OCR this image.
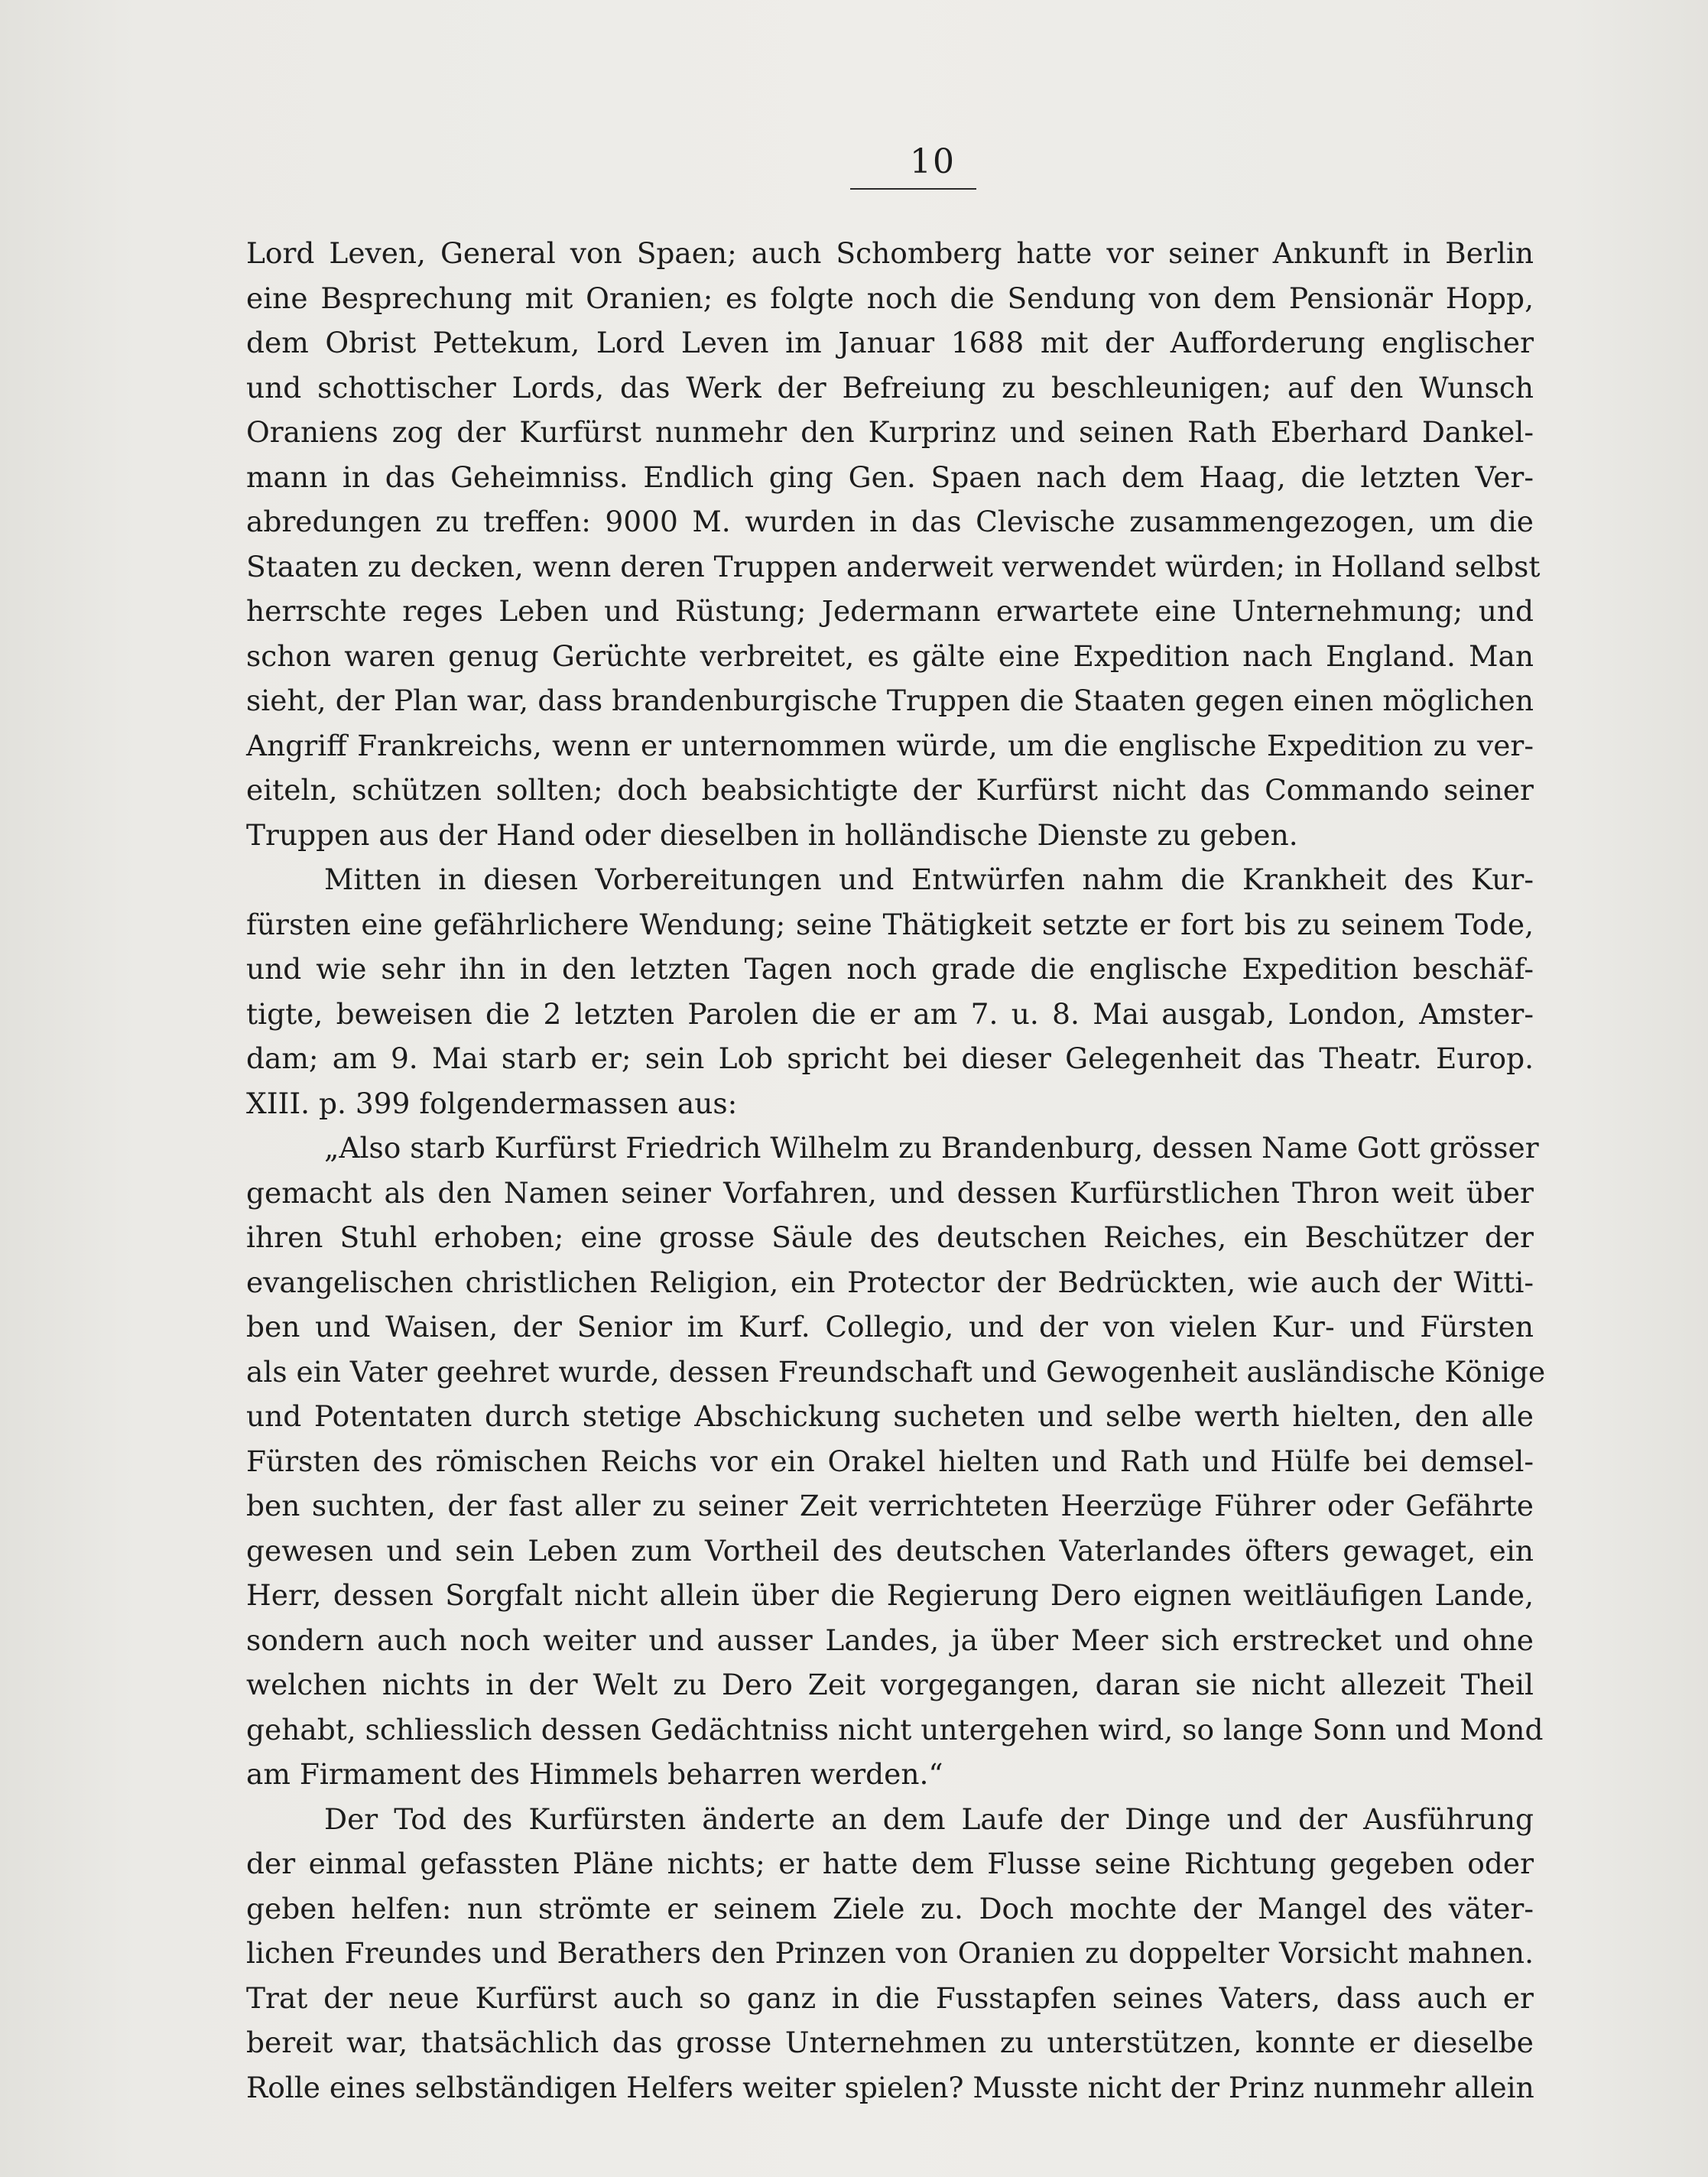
10
Lord Leven, General von Spaen; auch Schomberg hatte vor seiner Ankunft in Berlin
eine Besprechung mit Oranien; es folgte noch die Sendung von dem Pensionär Hopp,
dem Obrist Pettekum, Lord Leven im Januar 1688 mit der Aufforderung englischer
und schottischer Lords, das Werk der Befreiung zu beschleunigen; auf den Wunsch
Oraniens zog der Kurfürst nunmehr den Kurprinz und seinen Rath Eberhard Dankel-
mann in das Geheimniss. Endlich ging Gen. Spaen nach dem Haag, die letzten Ver-
abredungen zu treffen: 9000 M. wurden in das Clevische zusammengezogen, um die
Staaten zu decken, wenn deren Truppen anderweit verwendet würden; in Holland selbst
herrschte reges Leben und Rüstung; Jedermann erwartete eine Unternehmung; und
schon waren genug Gerüchte verbreitet, es gälte eine Expedition nach England. Man
sieht, der Plan war, dass brandenburgische Truppen die Staaten gegen einen möglichen
Angriff Frankreichs, wenn er unternommen würde, um die englische Expedition zu ver-
eiteln, schützen sollten; doch beabsichtigte der Kurfürst nicht das Commando seiner
Truppen aus der Hand oder dieselben in holländische Dienste zu geben.
Mitten in diesen Vorbereitungen und Entwürfen nahm die Krankheit des Kur-
fürsten eine gefährlichere Wendung; seine Thätigkeit setzte er fort bis zu seinem Tode,
und wie sehr ihn in den letzten Tagen noch grade die englische Expedition beschäf-
tigte, beweisen die 2 letzten Parolen die er am 7. u. 8. Mai ausgab, London, Amster-
dam; am 9. Mai starb er; sein Lob spricht bei dieser Gelegenheit das Theatr. Europ.
XIII. p. 399 folgendermassen aus:
„Also starb Kurfürst Friedrich Wilhelm zu Brandenburg, dessen Name Gott grösser
gemacht als den Namen seiner Vorfahren, und dessen Kurfürstlichen Thron weit über
ihren Stuhl erhoben; eine grosse Säule des deutschen Reiches, ein Beschützer der
evangelischen christlichen Religion, ein Protector der Bedrückten, wie auch der Witti-
ben und Waisen, der Senior im Kurf. Collegio, und der von vielen Kur- und Fürsten
als ein Vater geehret wurde, dessen Freundschaft und Gewogenheit ausländische Könige
und Potentaten durch stetige Abschickung sucheten und selbe werth hielten, den alle
Fürsten des römischen Reichs vor ein Orakel hielten und Rath und Hülfe bei demsel-
ben suchten, der fast aller zu seiner Zeit verrichteten Heerzüge Führer oder Gefährte
gewesen und sein Leben zum Vortheil des deutschen Vaterlandes öfters gewaget, ein
Herr, dessen Sorgfalt nicht allein über die Regierung Dero eignen weitläufigen Lande,
sondern auch noch weiter und ausser Landes, ja über Meer sich erstrecket und ohne
welchen nichts in der Welt zu Dero Zeit vorgegangen, daran sie nicht allezeit Theil
gehabt, schliesslich dessen Gedächtniss nicht untergehen wird, so lange Sonn und Mond
am Firmament des Himmels beharren werden.“
Der Tod des Kurfürsten änderte an dem Laufe der Dinge und der Ausführung
der einmal gefassten Pläne nichts; er hatte dem Flusse seine Richtung gegeben oder
geben helfen: nun strömte er seinem Ziele zu. Doch mochte der Mangel des väter-
lichen Freundes und Berathers den Prinzen von Oranien zu doppelter Vorsicht mahnen.
Trat der neue Kurfürst auch so ganz in die Fusstapfen seines Vaters, dass auch er
bereit war, thatsächlich das grosse Unternehmen zu unterstützen, konnte er dieselbe
Rolle eines selbständigen Helfers weiter spielen? Musste nicht der Prinz nunmehr allein
